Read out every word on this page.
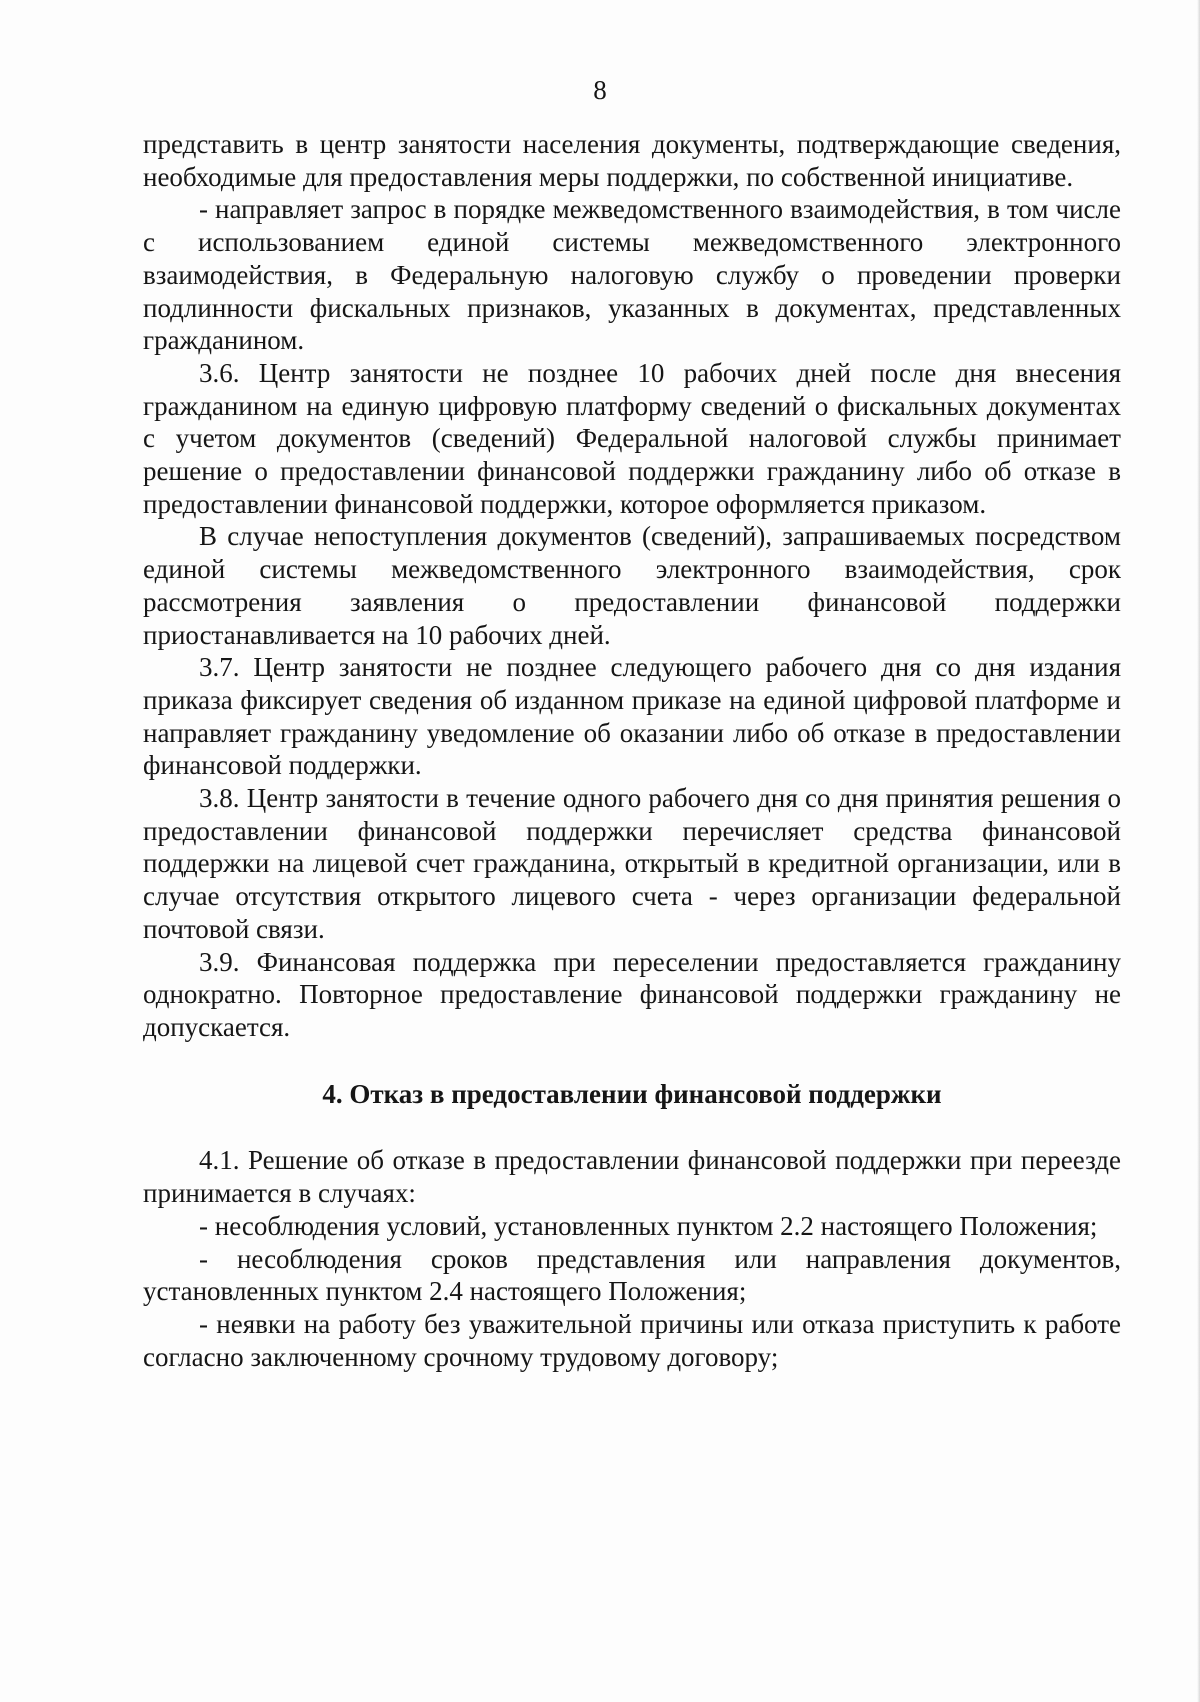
8

представить в центр занятости населения документы, подтверждающие сведения, необходимые для предоставления меры поддержки, по собственной инициативе.

- направляет запрос в порядке межведомственного взаимодействия, в том числе с использованием единой системы межведомственного электронного взаимодействия, в Федеральную налоговую службу о проведении проверки подлинности фискальных признаков, указанных в документах, представленных гражданином.

3.6. Центр занятости не позднее 10 рабочих дней после дня внесения гражданином на единую цифровую платформу сведений о фискальных документах с учетом документов (сведений) Федеральной налоговой службы принимает решение о предоставлении финансовой поддержки гражданину либо об отказе в предоставлении финансовой поддержки, которое оформляется приказом.

В случае непоступления документов (сведений), запрашиваемых посредством единой системы межведомственного электронного взаимодействия, срок рассмотрения заявления о предоставлении финансовой поддержки приостанавливается на 10 рабочих дней.

3.7. Центр занятости не позднее следующего рабочего дня со дня издания приказа фиксирует сведения об изданном приказе на единой цифровой платформе и направляет гражданину уведомление об оказании либо об отказе в предоставлении финансовой поддержки.

3.8. Центр занятости в течение одного рабочего дня со дня принятия решения о предоставлении финансовой поддержки перечисляет средства финансовой поддержки на лицевой счет гражданина, открытый в кредитной организации, или в случае отсутствия открытого лицевого счета - через организации федеральной почтовой связи.

3.9. Финансовая поддержка при переселении предоставляется гражданину однократно. Повторное предоставление финансовой поддержки гражданину не допускается.

4. Отказ в предоставлении финансовой поддержки

4.1. Решение об отказе в предоставлении финансовой поддержки при переезде принимается в случаях:

- несоблюдения условий, установленных пунктом 2.2 настоящего Положения;

- несоблюдения сроков представления или направления документов, установленных пунктом 2.4 настоящего Положения;

- неявки на работу без уважительной причины или отказа приступить к работе согласно заключенному срочному трудовому договору;
